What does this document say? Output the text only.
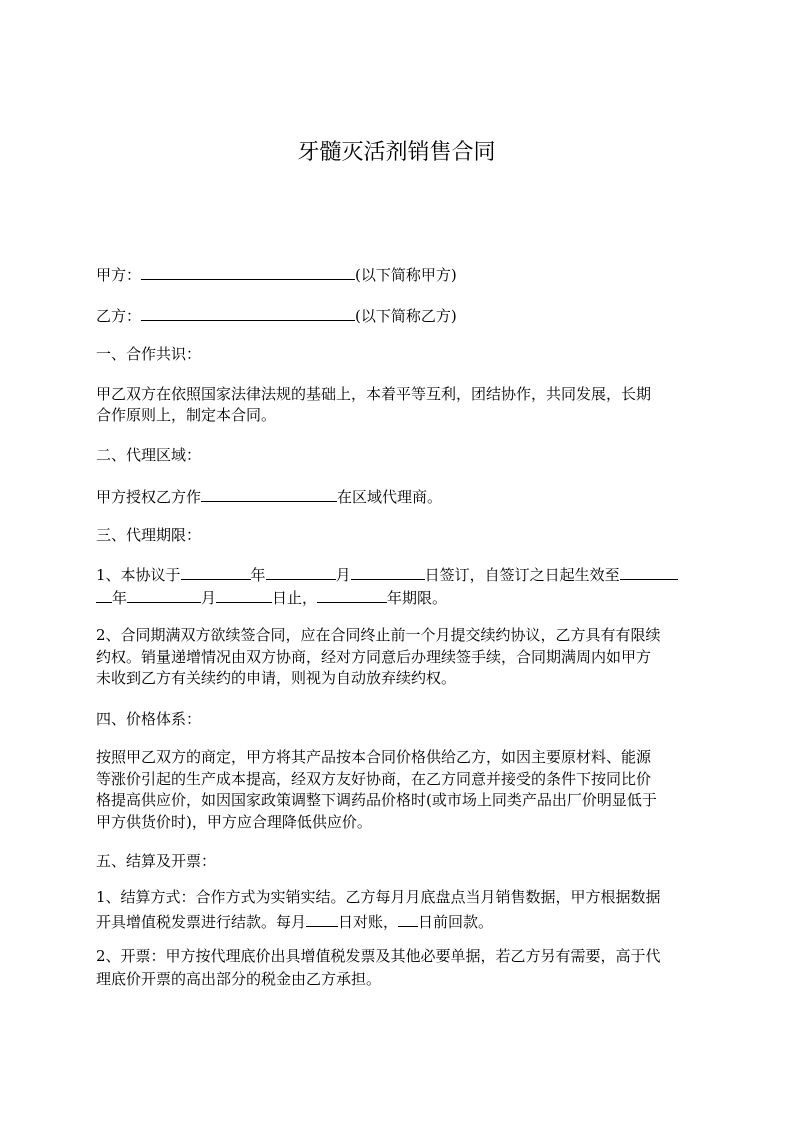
牙髓灭活剂销售合同
甲方：	(以下简称甲方)
乙方：	(以下简称乙方)
一、合作共识：
甲乙双方在依照国家法律法规的基础上，本着平等互利，团结协作，共同发展，长期
合作原则上，制定本合同。
二、代理区域：
甲方授权乙方作	在区域代理商。
三、代理期限：
1、本协议于	年	月	日签订，自签订之日起生效至
年	月	日止，	年期限。
2、合同期满双方欲续签合同，应在合同终止前一个月提交续约协议，乙方具有有限续
约权。销量递增情况由双方协商，经对方同意后办理续签手续，合同期满周内如甲方
未收到乙方有关续约的申请，则视为自动放弃续约权。
四、价格体系：
按照甲乙双方的商定，甲方将其产品按本合同价格供给乙方，如因主要原材料、能源
等涨价引起的生产成本提高，经双方友好协商，在乙方同意并接受的条件下按同比价
格提高供应价，如因国家政策调整下调药品价格时(或市场上同类产品出厂价明显低于
甲方供货价时)，甲方应合理降低供应价。
五、结算及开票：
1、结算方式：合作方式为实销实结。乙方每月月底盘点当月销售数据，甲方根据数据
开具增值税发票进行结款。每月 日对账， 日前回款。
2、开票：甲方按代理底价出具增值税发票及其他必要单据，若乙方另有需要，高于代
理底价开票的高出部分的税金由乙方承担。
